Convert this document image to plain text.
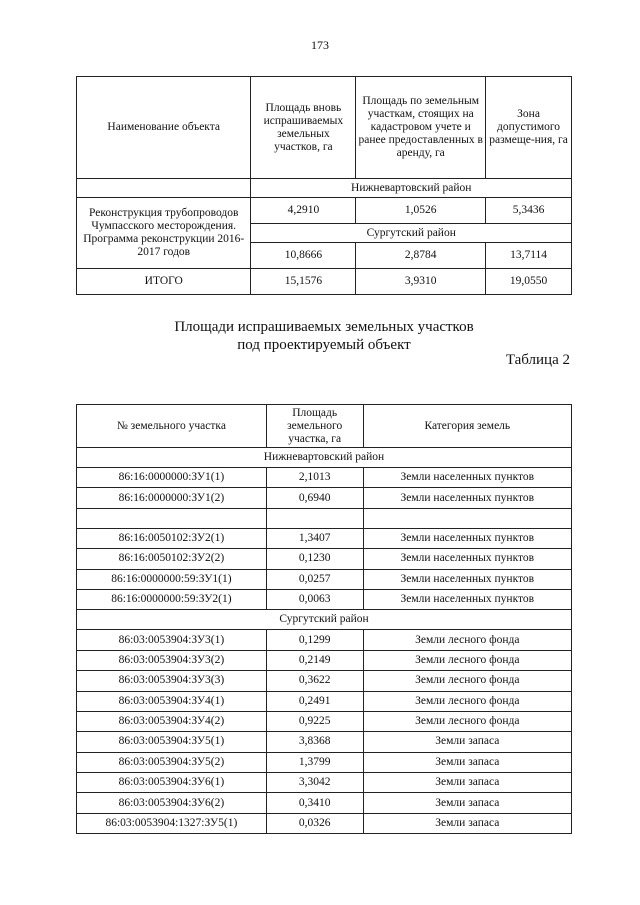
173
Наименование объекта	Площадь вновь испрашиваемых земельных участков, га	Площадь по земельным участкам, стоящих на кадастровом учете и ранее предоставленных в аренду, га	Зона допустимого размеще-ния, га
	Нижневартовский район		
Реконструкция трубопроводов Чумпасского месторождения. Программа реконструкции 2016-2017 годов	4,2910	1,0526	5,3436
	Сургутский район		
	10,8666	2,8784	13,7114
ИТОГО	15,1576	3,9310	19,0550
Площади испрашиваемых земельных участков
под проектируемый объект
Таблица 2
№ земельного участка	Площадь земельного участка, га	Категория земель
Нижневартовский район		
86:16:0000000:ЗУ1(1)	2,1013	Земли населенных пунктов
86:16:0000000:ЗУ1(2)	0,6940	Земли населенных пунктов

86:16:0050102:ЗУ2(1)	1,3407	Земли населенных пунктов
86:16:0050102:ЗУ2(2)	0,1230	Земли населенных пунктов
86:16:0000000:59:ЗУ1(1)	0,0257	Земли населенных пунктов
86:16:0000000:59:ЗУ2(1)	0,0063	Земли населенных пунктов
Сургутский район		
86:03:0053904:ЗУ3(1)	0,1299	Земли лесного фонда
86:03:0053904:ЗУ3(2)	0,2149	Земли лесного фонда
86:03:0053904:ЗУ3(3)	0,3622	Земли лесного фонда
86:03:0053904:ЗУ4(1)	0,2491	Земли лесного фонда
86:03:0053904:ЗУ4(2)	0,9225	Земли лесного фонда
86:03:0053904:ЗУ5(1)	3,8368	Земли запаса
86:03:0053904:ЗУ5(2)	1,3799	Земли запаса
86:03:0053904:ЗУ6(1)	3,3042	Земли запаса
86:03:0053904:ЗУ6(2)	0,3410	Земли запаса
86:03:0053904:1327:ЗУ5(1)	0,0326	Земли запаса
